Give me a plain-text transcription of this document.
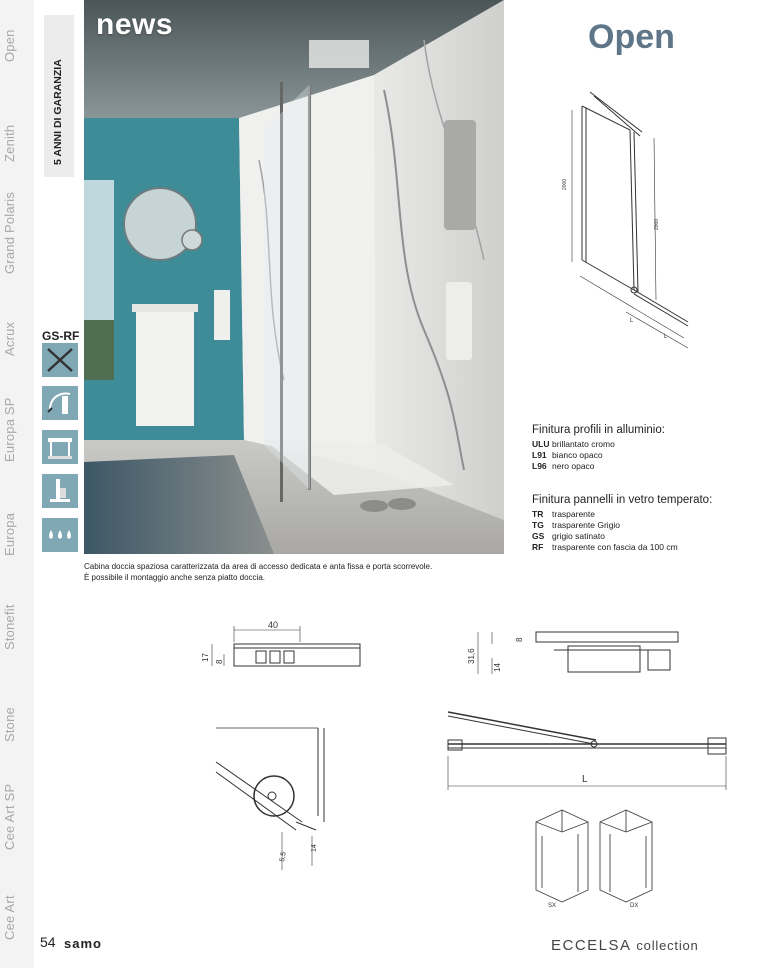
Open
Zenith
Grand Polaris
Acrux
Europa SP
Europa
Stonefit
Stone
Cee Art SP
Cee Art
5 ANNI DI GARANZIA
news	Open
GS-RF
Cabina doccia spaziosa caratterizzata da area di accesso dedicata e anta fissa e porta scorrevole.
È possibile il montaggio anche senza piatto doccia.
2000
2000
L
L
Finitura profili in alluminio:
ULU brillantato cromo
L91 bianco opaco
L96 nero opaco
Finitura pannelli in vetro temperato:
TR trasparente
TG trasparente Grigio
GS grigio satinato
RF trasparente con fascia da 100 cm
40
17 8
8
31,6
14
5,5
14
L
SX	DX
54 samo	ECCELSA collection
